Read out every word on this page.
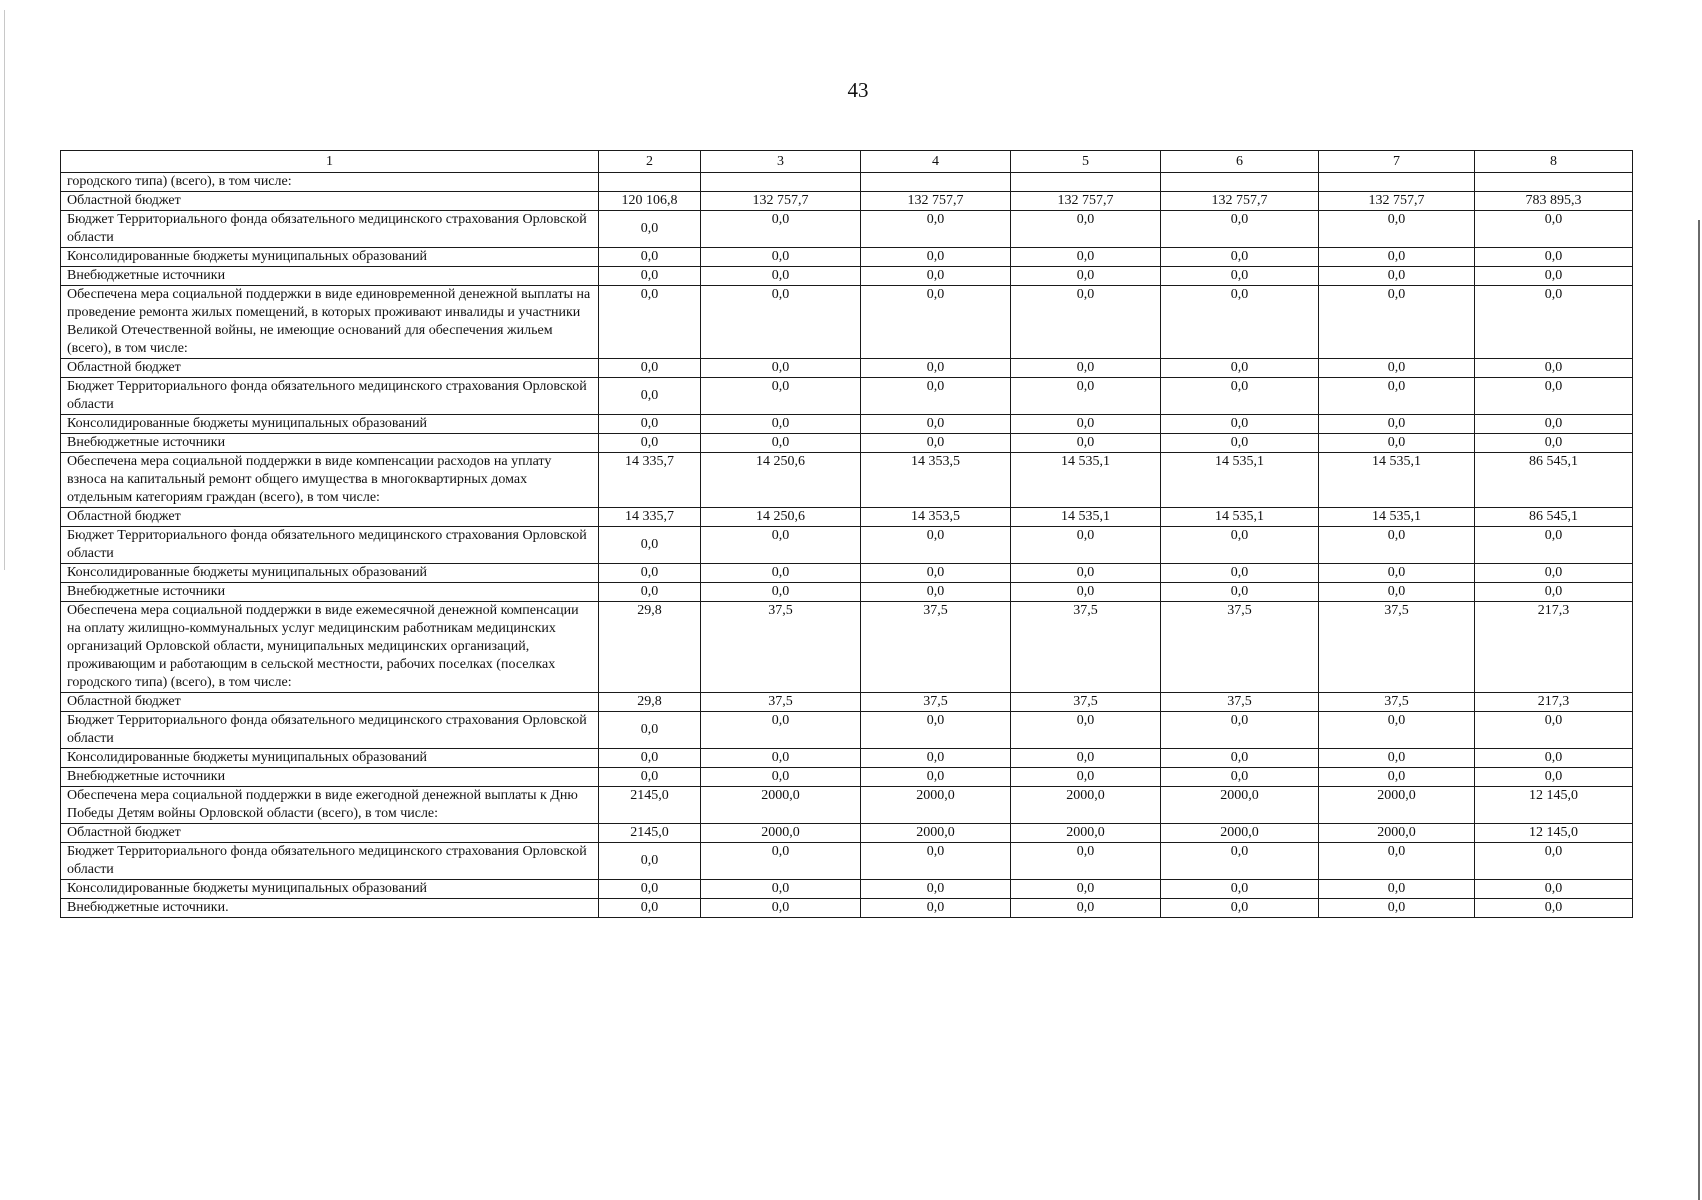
43
1	2	3	4	5	6	7	8
городского типа) (всего), в том числе:							
Областной бюджет	120 106,8	132 757,7	132 757,7	132 757,7	132 757,7	132 757,7	783 895,3
Бюджет Территориального фонда обязательного медицинского страхования Орловской области	0,0	0,0	0,0	0,0	0,0	0,0	0,0
Консолидированные бюджеты муниципальных образований	0,0	0,0	0,0	0,0	0,0	0,0	0,0
Внебюджетные источники	0,0	0,0	0,0	0,0	0,0	0,0	0,0
Обеспечена мера социальной поддержки в виде единовременной денежной выплаты на проведение ремонта жилых помещений, в которых проживают инвалиды и участники Великой Отечественной войны, не имеющие оснований для обеспечения жильем (всего), в том числе:	0,0	0,0	0,0	0,0	0,0	0,0	0,0
Областной бюджет	0,0	0,0	0,0	0,0	0,0	0,0	0,0
Бюджет Территориального фонда обязательного медицинского страхования Орловской области	0,0	0,0	0,0	0,0	0,0	0,0	0,0
Консолидированные бюджеты муниципальных образований	0,0	0,0	0,0	0,0	0,0	0,0	0,0
Внебюджетные источники	0,0	0,0	0,0	0,0	0,0	0,0	0,0
Обеспечена мера социальной поддержки в виде компенсации расходов на уплату взноса на капитальный ремонт общего имущества в многоквартирных домах отдельным категориям граждан (всего), в том числе:	14 335,7	14 250,6	14 353,5	14 535,1	14 535,1	14 535,1	86 545,1
Областной бюджет	14 335,7	14 250,6	14 353,5	14 535,1	14 535,1	14 535,1	86 545,1
Бюджет Территориального фонда обязательного медицинского страхования Орловской области	0,0	0,0	0,0	0,0	0,0	0,0	0,0
Консолидированные бюджеты муниципальных образований	0,0	0,0	0,0	0,0	0,0	0,0	0,0
Внебюджетные источники	0,0	0,0	0,0	0,0	0,0	0,0	0,0
Обеспечена мера социальной поддержки в виде ежемесячной денежной компенсации на оплату жилищно-коммунальных услуг медицинским работникам медицинских организаций Орловской области, муниципальных медицинских организаций, проживающим и работающим в сельской местности, рабочих поселках (поселках городского типа) (всего), в том числе:	29,8	37,5	37,5	37,5	37,5	37,5	217,3
Областной бюджет	29,8	37,5	37,5	37,5	37,5	37,5	217,3
Бюджет Территориального фонда обязательного медицинского страхования Орловской области	0,0	0,0	0,0	0,0	0,0	0,0	0,0
Консолидированные бюджеты муниципальных образований	0,0	0,0	0,0	0,0	0,0	0,0	0,0
Внебюджетные источники	0,0	0,0	0,0	0,0	0,0	0,0	0,0
Обеспечена мера социальной поддержки в виде ежегодной денежной выплаты к Дню Победы Детям войны Орловской области (всего), в том числе:	2145,0	2000,0	2000,0	2000,0	2000,0	2000,0	12 145,0
Областной бюджет	2145,0	2000,0	2000,0	2000,0	2000,0	2000,0	12 145,0
Бюджет Территориального фонда обязательного медицинского страхования Орловской области	0,0	0,0	0,0	0,0	0,0	0,0	0,0
Консолидированные бюджеты муниципальных образований	0,0	0,0	0,0	0,0	0,0	0,0	0,0
Внебюджетные источники.	0,0	0,0	0,0	0,0	0,0	0,0	0,0
